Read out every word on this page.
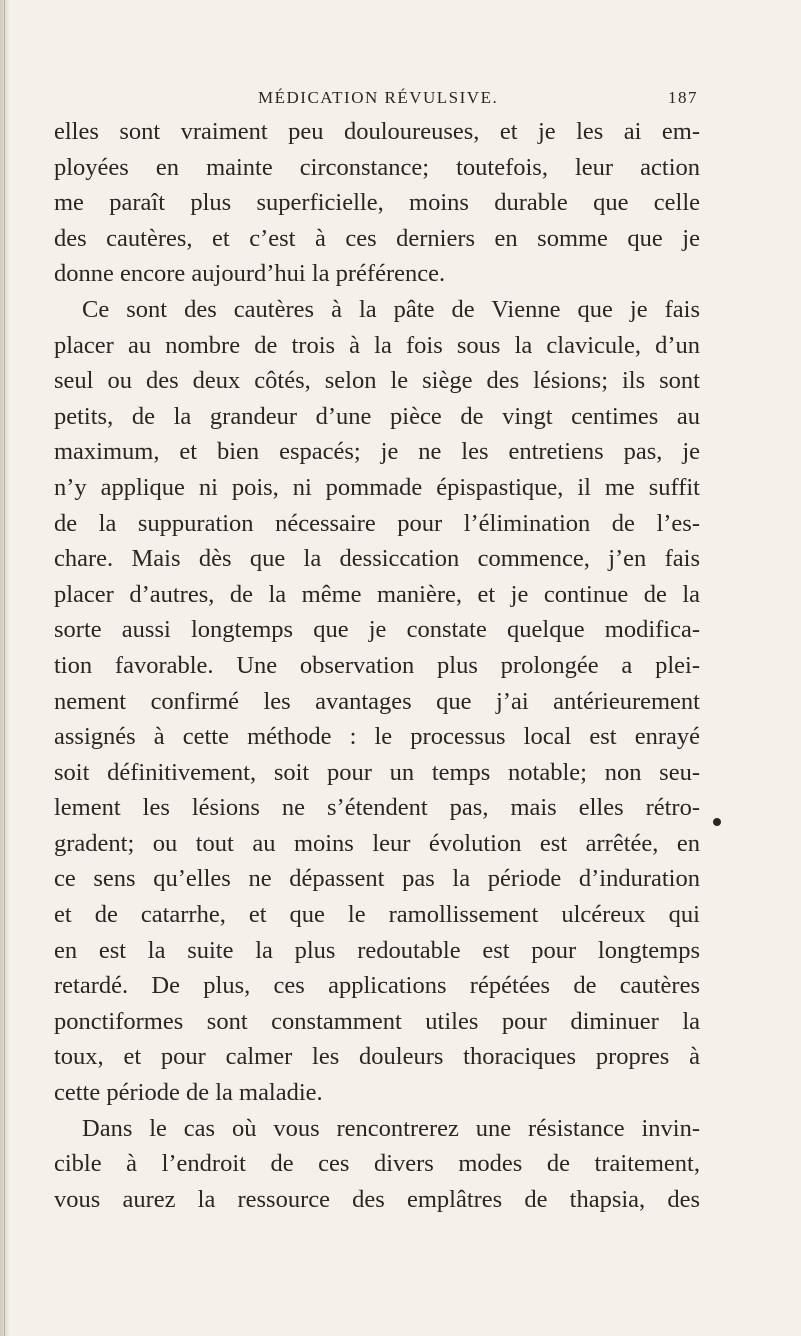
MÉDICATION RÉVULSIVE.	187
elles sont vraiment peu douloureuses, et je les ai em-
ployées en mainte circonstance; toutefois, leur action
me paraît plus superficielle, moins durable que celle
des cautères, et c’est à ces derniers en somme que je
donne encore aujourd’hui la préférence.
Ce sont des cautères à la pâte de Vienne que je fais
placer au nombre de trois à la fois sous la clavicule, d’un
seul ou des deux côtés, selon le siège des lésions; ils sont
petits, de la grandeur d’une pièce de vingt centimes au
maximum, et bien espacés; je ne les entretiens pas, je
n’y applique ni pois, ni pommade épispastique, il me suffit
de la suppuration nécessaire pour l’élimination de l’es-
chare. Mais dès que la dessiccation commence, j’en fais
placer d’autres, de la même manière, et je continue de la
sorte aussi longtemps que je constate quelque modifica-
tion favorable. Une observation plus prolongée a plei-
nement confirmé les avantages que j’ai antérieurement
assignés à cette méthode : le processus local est enrayé
soit définitivement, soit pour un temps notable; non seu-
lement les lésions ne s’étendent pas, mais elles rétro-
gradent; ou tout au moins leur évolution est arrêtée, en
ce sens qu’elles ne dépassent pas la période d’induration
et de catarrhe, et que le ramollissement ulcéreux qui
en est la suite la plus redoutable est pour longtemps
retardé. De plus, ces applications répétées de cautères
ponctiformes sont constamment utiles pour diminuer la
toux, et pour calmer les douleurs thoraciques propres à
cette période de la maladie.
Dans le cas où vous rencontrerez une résistance invin-
cible à l’endroit de ces divers modes de traitement,
vous aurez la ressource des emplâtres de thapsia, des
